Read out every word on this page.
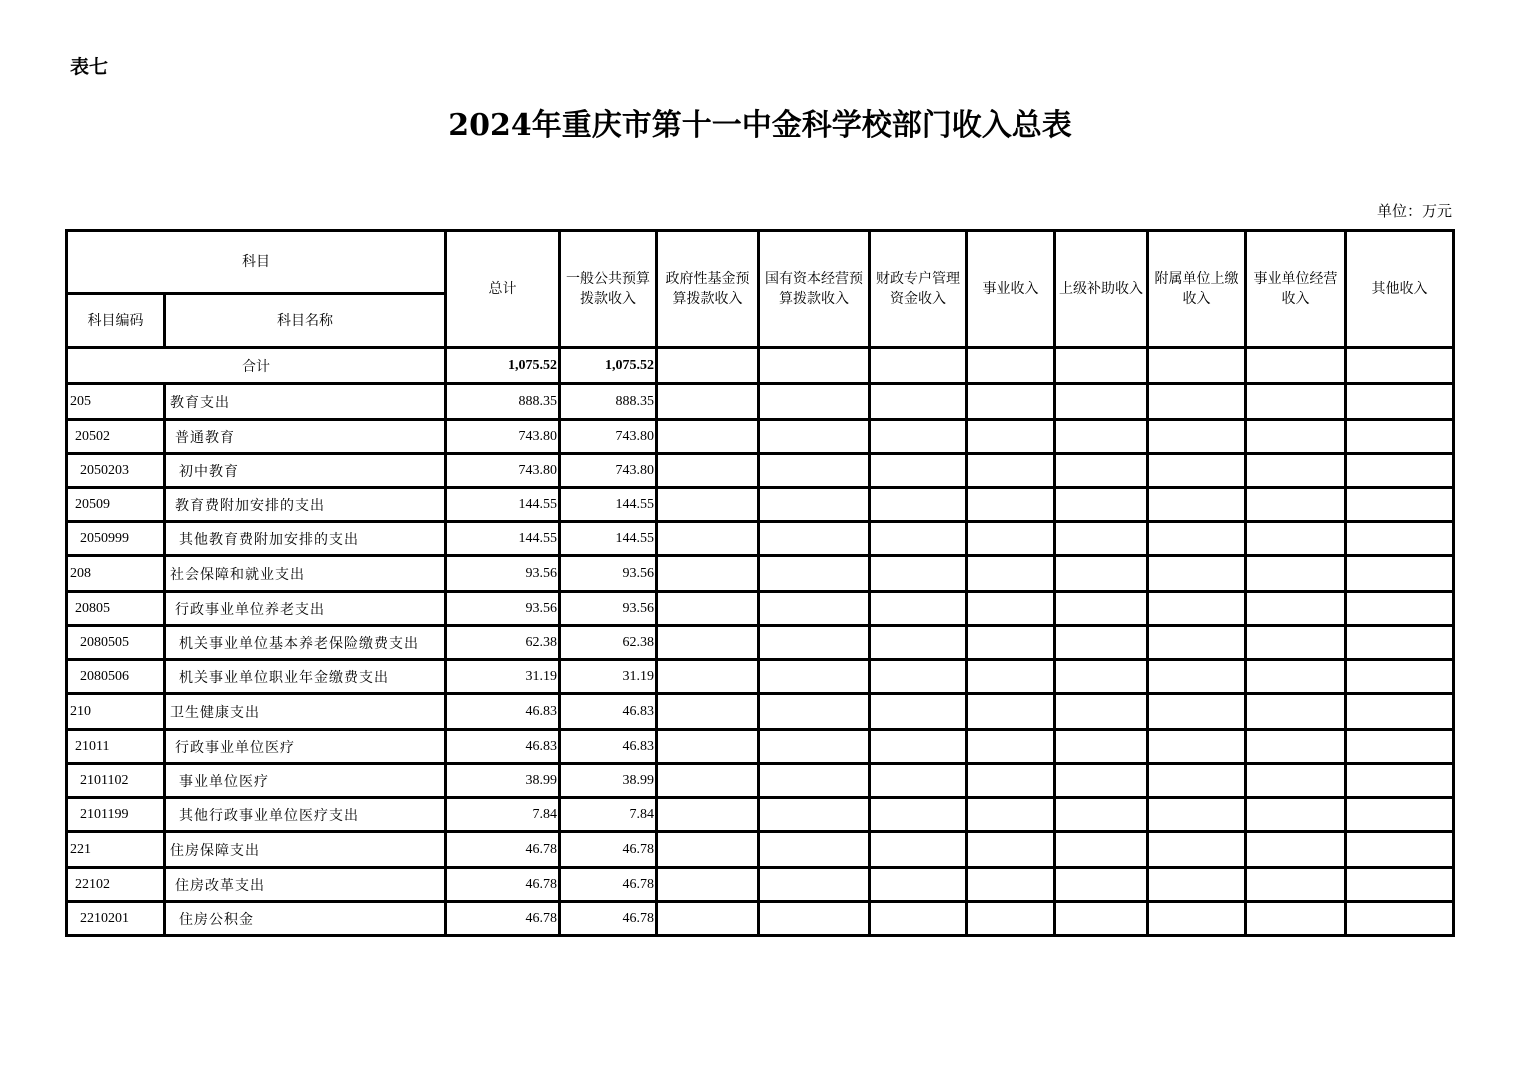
表七
2024年重庆市第十一中金科学校部门收入总表
单位：万元
科目		总计	一般公共预算拨款收入	政府性基金预算拨款收入	国有资本经营预算拨款收入	财政专户管理资金收入	事业收入	上级补助收入	附属单位上缴收入	事业单位经营收入	其他收入
科目编码	科目名称										
合计		1,075.52	1,075.52								
205	教育支出	888.35	888.35								
20502	普通教育	743.80	743.80								
2050203	初中教育	743.80	743.80								
20509	教育费附加安排的支出	144.55	144.55								
2050999	其他教育费附加安排的支出	144.55	144.55								
208	社会保障和就业支出	93.56	93.56								
20805	行政事业单位养老支出	93.56	93.56								
2080505	机关事业单位基本养老保险缴费支出	62.38	62.38								
2080506	机关事业单位职业年金缴费支出	31.19	31.19								
210	卫生健康支出	46.83	46.83								
21011	行政事业单位医疗	46.83	46.83								
2101102	事业单位医疗	38.99	38.99								
2101199	其他行政事业单位医疗支出	7.84	7.84								
221	住房保障支出	46.78	46.78								
22102	住房改革支出	46.78	46.78								
2210201	住房公积金	46.78	46.78								
